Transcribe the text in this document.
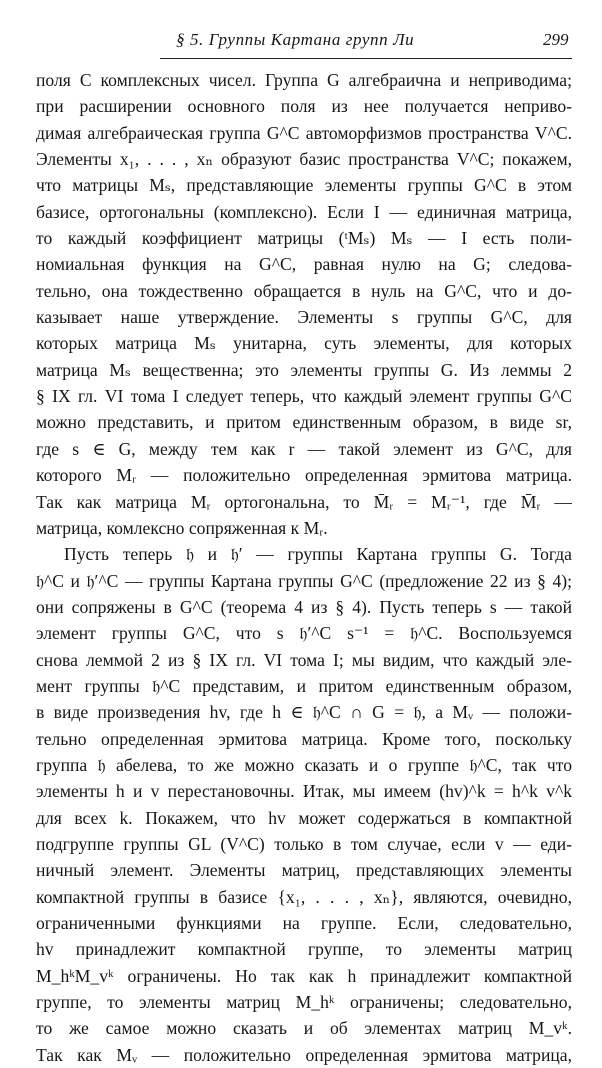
§ 5. Группы Картана групп Ли	299
поля C комплексных чисел. Группа G алгебраична и неприводима;
при расширении основного поля из нее получается неприво-
димая алгебраическая группа G^C автоморфизмов пространства V^C.
Элементы x₁, . . . , xₙ образуют базис пространства V^C; покажем,
что матрицы Mₛ, представляющие элементы группы G^C в этом
базисе, ортогональны (комплексно). Если I — единичная матрица,
то каждый коэффициент матрицы (ᵗMₛ) Mₛ — I есть поли-
номиальная функция на G^C, равная нулю на G; следова-
тельно, она тождественно обращается в нуль на G^C, что и до-
казывает наше утверждение. Элементы s группы G^C, для
которых матрица Mₛ унитарна, суть элементы, для которых
матрица Mₛ вещественна; это элементы группы G. Из леммы 2
§ IX гл. VI тома I следует теперь, что каждый элемент группы G^C
можно представить, и притом единственным образом, в виде sr,
где s ∈ G, между тем как r — такой элемент из G^C, для
которого Mᵣ — положительно определенная эрмитова матрица.
Так как матрица Mᵣ ортогональна, то M̄ᵣ = Mᵣ⁻¹, где M̄ᵣ —
матрица, комлексно сопряженная к Mᵣ.
Пусть теперь 𝔥 и 𝔥′ — группы Картана группы G. Тогда
𝔥^C и 𝔥′^C — группы Картана группы G^C (предложение 22 из § 4);
они сопряжены в G^C (теорема 4 из § 4). Пусть теперь s — такой
элемент группы G^C, что s 𝔥′^C s⁻¹ = 𝔥^C. Воспользуемся
снова леммой 2 из § IX гл. VI тома I; мы видим, что каждый эле-
мент группы 𝔥^C представим, и притом единственным образом,
в виде произведения hv, где h ∈ 𝔥^C ∩ G = 𝔥, а Mᵥ — положи-
тельно определенная эрмитова матрица. Кроме того, поскольку
группа 𝔥 абелева, то же можно сказать и о группе 𝔥^C, так что
элементы h и v перестановочны. Итак, мы имеем (hv)^k = h^k v^k
для всех k. Покажем, что hv может содержаться в компактной
подгруппе группы GL (V^C) только в том случае, если v — еди-
ничный элемент. Элементы матриц, представляющих элементы
компактной группы в базисе {x₁, . . . , xₙ}, являются, очевидно,
ограниченными функциями на группе. Если, следовательно,
hv принадлежит компактной группе, то элементы матриц
M_hᵏM_vᵏ ограничены. Но так как h принадлежит компактной
группе, то элементы матриц M_hᵏ ограничены; следовательно,
то же самое можно сказать и об элементах матриц M_vᵏ.
Так как Mᵥ — положительно определенная эрмитова матрица,
